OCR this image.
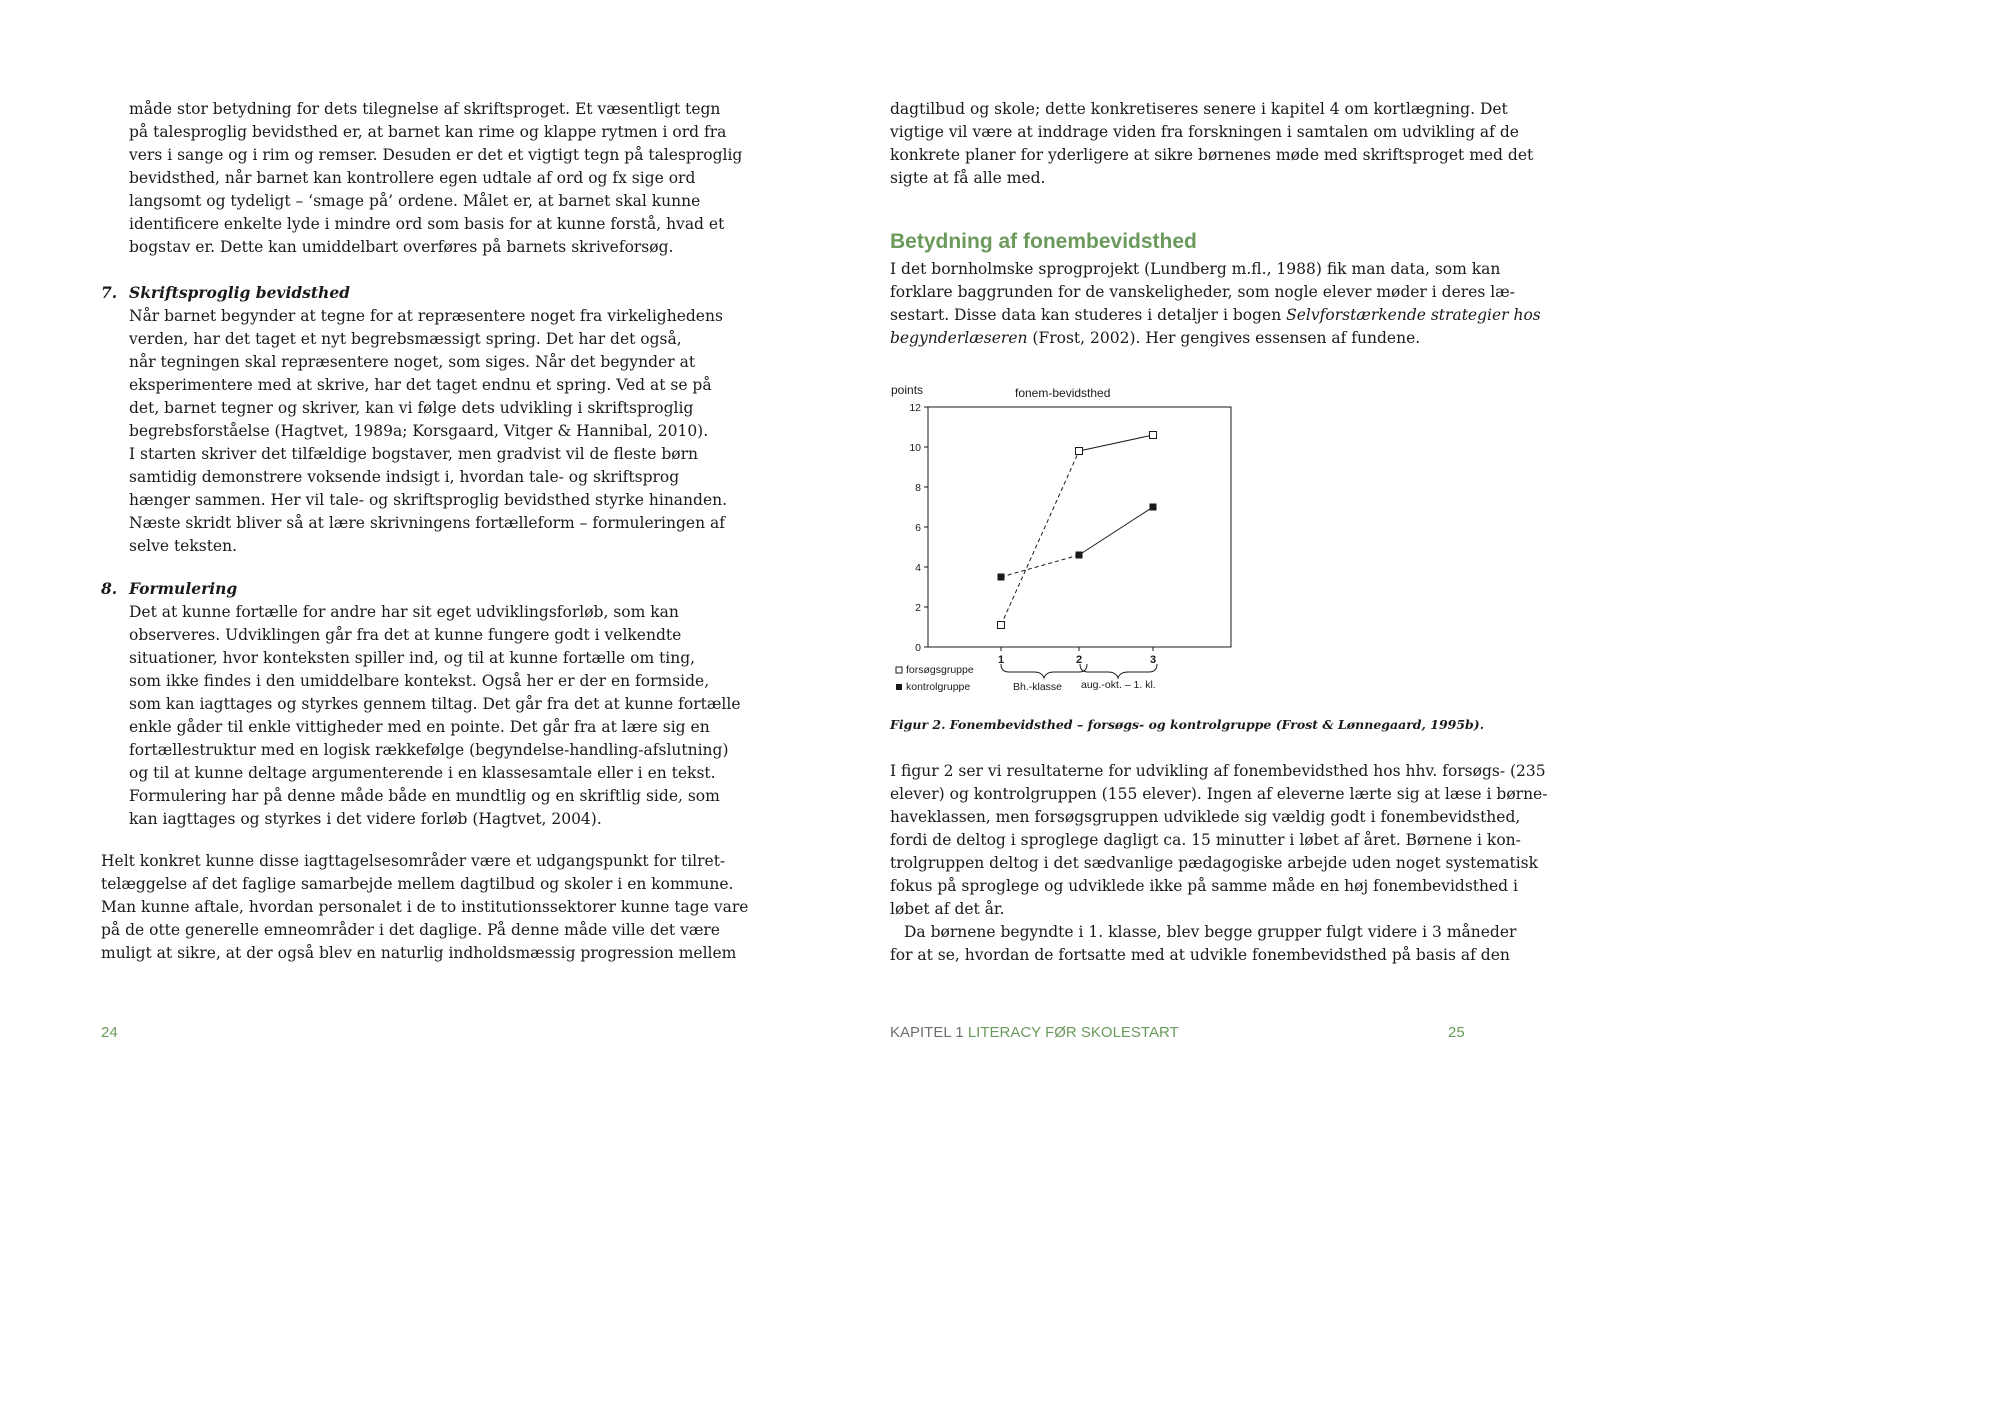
måde stor betydning for dets tilegnelse af skriftsproget. Et væsentligt tegn
på talesproglig bevidsthed er, at barnet kan rime og klappe rytmen i ord fra
vers i sange og i rim og remser. Desuden er det et vigtigt tegn på talesproglig
bevidsthed, når barnet kan kontrollere egen udtale af ord og fx sige ord
langsomt og tydeligt – ‘smage på’ ordene. Målet er, at barnet skal kunne
identificere enkelte lyde i mindre ord som basis for at kunne forstå, hvad et
bogstav er. Dette kan umiddelbart overføres på barnets skriveforsøg.
7. Skriftsproglig bevidsthed
Når barnet begynder at tegne for at repræsentere noget fra virkelighedens
verden, har det taget et nyt begrebsmæssigt spring. Det har det også,
når tegningen skal repræsentere noget, som siges. Når det begynder at
eksperimentere med at skrive, har det taget endnu et spring. Ved at se på
det, barnet tegner og skriver, kan vi følge dets udvikling i skriftsproglig
begrebsforståelse (Hagtvet, 1989a; Korsgaard, Vitger & Hannibal, 2010).
I starten skriver det tilfældige bogstaver, men gradvist vil de fleste børn
samtidig demonstrere voksende indsigt i, hvordan tale- og skriftsprog
hænger sammen. Her vil tale- og skriftsproglig bevidsthed styrke hinanden.
Næste skridt bliver så at lære skrivningens fortælleform – formuleringen af
selve teksten.
8. Formulering
Det at kunne fortælle for andre har sit eget udviklingsforløb, som kan
observeres. Udviklingen går fra det at kunne fungere godt i velkendte
situationer, hvor konteksten spiller ind, og til at kunne fortælle om ting,
som ikke findes i den umiddelbare kontekst. Også her er der en formside,
som kan iagttages og styrkes gennem tiltag. Det går fra det at kunne fortælle
enkle gåder til enkle vittigheder med en pointe. Det går fra at lære sig en
fortællestruktur med en logisk rækkefølge (begyndelse-handling-afslutning)
og til at kunne deltage argumenterende i en klassesamtale eller i en tekst.
Formulering har på denne måde både en mundtlig og en skriftlig side, som
kan iagttages og styrkes i det videre forløb (Hagtvet, 2004).
Helt konkret kunne disse iagttagelsesområder være et udgangspunkt for tilret-
telæggelse af det faglige samarbejde mellem dagtilbud og skoler i en kommune.
Man kunne aftale, hvordan personalet i de to institutionssektorer kunne tage vare
på de otte generelle emneområder i det daglige. På denne måde ville det være
muligt at sikre, at der også blev en naturlig indholdsmæssig progression mellem
24
dagtilbud og skole; dette konkretiseres senere i kapitel 4 om kortlægning. Det
vigtige vil være at inddrage viden fra forskningen i samtalen om udvikling af de
konkrete planer for yderligere at sikre børnenes møde med skriftsproget med det
sigte at få alle med.
Betydning af fonembevidsthed
I det bornholmske sprogprojekt (Lundberg m.fl., 1988) fik man data, som kan
forklare baggrunden for de vanskeligheder, som nogle elever møder i deres læ-
sestart. Disse data kan studeres i detaljer i bogen Selvforstærkende strategier hos
begynderlæseren (Frost, 2002). Her gengives essensen af fundene.
points	fonem-bevidsthed
0
2
4
6
8
10
12
1	2	3
Bh.-klasse aug.-okt. – 1. kl.
forsøgsgruppe
kontrolgruppe
Figur 2. Fonembevidsthed – forsøgs- og kontrolgruppe (Frost & Lønnegaard, 1995b).
I figur 2 ser vi resultaterne for udvikling af fonembevidsthed hos hhv. forsøgs- (235
elever) og kontrolgruppen (155 elever). Ingen af eleverne lærte sig at læse i børne-
haveklassen, men forsøgsgruppen udviklede sig vældig godt i fonembevidsthed,
fordi de deltog i sproglege dagligt ca. 15 minutter i løbet af året. Børnene i kon-
trolgruppen deltog i det sædvanlige pædagogiske arbejde uden noget systematisk
fokus på sproglege og udviklede ikke på samme måde en høj fonembevidsthed i
løbet af det år.
Da børnene begyndte i 1. klasse, blev begge grupper fulgt videre i 3 måneder
for at se, hvordan de fortsatte med at udvikle fonembevidsthed på basis af den
KAPITEL 1 LITERACY FØR SKOLESTART	25
